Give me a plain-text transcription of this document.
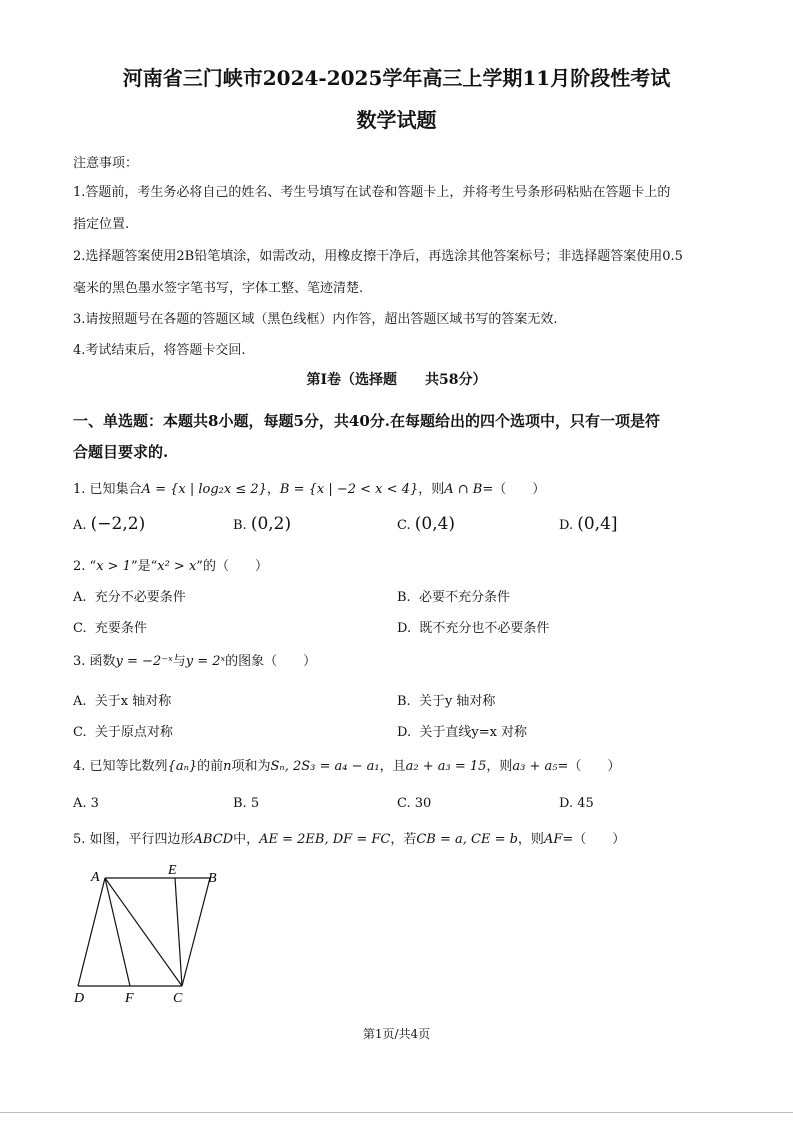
河南省三门峡市2024-2025学年高三上学期11月阶段性考试
数学试题
注意事项：
1.答题前，考生务必将自己的姓名、考生号填写在试卷和答题卡上，并将考生号条形码粘贴在答题卡上的
指定位置.
2.选择题答案使用2B铅笔填涂，如需改动，用橡皮擦干净后，再选涂其他答案标号；非选择题答案使用0.5
毫米的黑色墨水签字笔书写，字体工整、笔迹清楚.
3.请按照题号在各题的答题区域（黑色线框）内作答，超出答题区域书写的答案无效.
4.考试结束后，将答题卡交回.
第Ⅰ卷（选择题　　共58分）
一、单选题：本题共8小题，每题5分，共40分.在每题给出的四个选项中，只有一项是符
合题目要求的.
1. 已知集合A = {x | log₂x ≤ 2}，B = {x | −2 < x < 4}，则A ∩ B=（　　）
A. (−2,2)	B. (0,2)	C. (0,4)	D. (0,4]
2. “x > 1”是“x² > x”的（　　）
A. 充分不必要条件	B. 必要不充分条件
C. 充要条件	D. 既不充分也不必要条件
3. 函数y = −2⁻ˣ与y = 2ˣ的图象（　　）
A. 关于x 轴对称	B. 关于y 轴对称
C. 关于原点对称	D. 关于直线y=x 对称
4. 已知等比数列{aₙ}的前n项和为Sₙ, 2S₃ = a₄ − a₁，且a₂ + a₃ = 15，则a₃ + a₅=（　　）
A. 3	B. 5	C. 30	D. 45
5. 如图，平行四边形ABCD中，AE = 2EB, DF = FC，若CB = a, CE = b，则AF=（　　）
A	E
B
D	F	C
第1页/共4页
